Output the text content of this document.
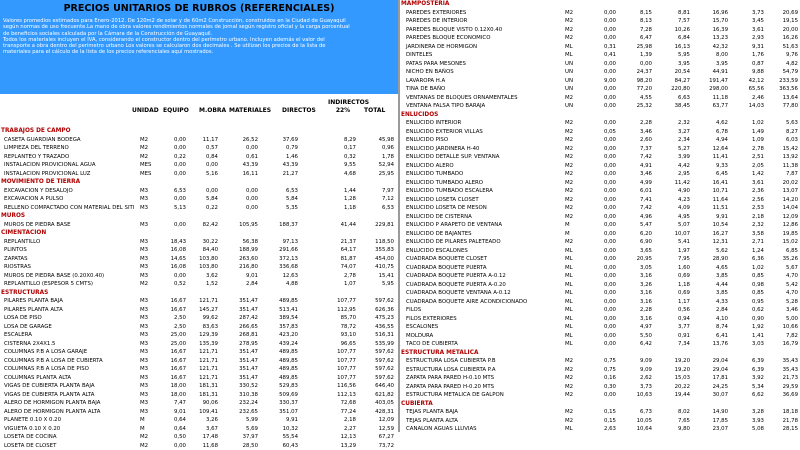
PRECIOS UNITARIOS DE RUBROS (REFERENCIALES)
Valores promedios estimados para Enero-2012. De 120m2 de solar y de 60m2 Construcción, construidos en la Ciudad de Guayaquil
según normas de uso frecuente.La mano de obra valores rendimientos normales de jornal según registro oficial y la carga porcentual
de beneficios sociales calculada por la Cámara de la Construcción de Guayaquil.
Todos los materiales incluyen el IVA, considerando el constructor dentro del perímetro urbano. Incluyen además el valor del
transporte a obra dentro del perímetro urbano Los valores se calcularon dos decimales . Se utilizan los precios de la lista de
materiales para el cálculo de la lista de los precios referenciales aquí mostrados.
UNIDAD EQUIPO M.OBRA MATERIALES DIRECTOS
INDIRECTOS 22%	TOTAL
TRABAJOS DE CAMPO
CASETA GUARDIAN BODEGA	M2	0,00	11,17	26,52	37,69	8,29	45,98
LIMPIEZA DEL TERRENO	M2	0,00	0,57	0,00	0,79	0,17	0,96
REPLANTEO Y TRAZADO	M2	0,22	0,84	0,61	1,46	0,32	1,78
INSTALACION PROVICIONAL AGUA	MES	0,00	0,00	43,39	43,39	9,55	52,94
INSTALACION PROVICIONAL LUZ	MES	0,00	5,16	16,11	21,27	4,68	25,95
MOVIMIENTO DE TIERRA
EXCAVACION Y DESALOJO	M3	6,53	0,00	0,00	6,53	1,44	7,97
EXCAVACION A PULSO	M3	0,00	5,84	0,00	5,84	1,28	7,12
RELLENO COMPACTADO CON MATERIAL DEL SITI M3	5,13	0,22	0,00	5,35	1,18	6,53
MUROS
MUROS DE PIEDRA BASE	M3	0,00	82,42	105,95	188,37	41,44	229,81
CIMENTACION
REPLANTILLO	M3	18,43	30,22	56,38	97,13	21,37	118,50
PLINTOS	M3	16,08	84,40	188,99	291,66	64,17	355,83
ZAPATAS	M3	14,65	103,80	263,60	372,13	81,87	454,00
RIOSTRAS	M3	16,08	103,80	216,80	336,68	74,07	410,75
MUROS DE PIEDRA BASE (0.20X0.40)	M3	0,00	3,62	9,01	12,63	2,78	15,41
REPLANTILLO (ESPESOR 5 CMTS)	M2	0,52	1,52	2,84	4,88	1,07	5,95
ESTRUCTURAS
PILARES PLANTA BAJA	M3	16,67	121,71	351,47	489,85	107,77	597,62
PILARES PLANTA ALTA	M3	16,67	145,27	351,47	513,41	112,95	626,36
LOSA DE PISO	M3	2,50	99,62	287,42	389,54	85,70	475,23
LOSA DE GARAGE	M3	2,50	83,63	266,65	357,83	78,72	436,55
ESCALERA	M3	25,00	129,39	268,81	423,20	93,10	516,31
CISTERNA 2X4X1.5	M3	25,00	135,39	278,95	439,24	96,65	535,99
COLUMNAS P.B A LOSA GARAJE	M3	16,67	121,71	351,47	489,85	107,77	597,62
COLUMNAS P.B A LOSA DE CUBIERTA	M3	16,67	121,71	351,47	489,85	107,77	597,62
COLUMNAS P.B A LOSA DE PISO	M3	16,67	121,71	351,47	489,85	107,77	597,62
COLUMNAS PLANTA ALTA	M3	16,67	121,71	351,47	489,85	107,77	597,62
VIGAS DE CUBIERTA PLANTA BAJA	M3	18,00	181,31	330,52	529,83	116,56	646,40
VIGAS DE CUBIERTA PLANTA ALTA	M3	18,00	181,31	310,38	509,69	112,13	621,82
ALERO DE HORMIGON PLANTA BAJA	M3	7,47	90,06	232,24	330,37	72,68	403,05
ALERO DE HORMIGON PLANTA ALTA	M3	9,01	109,41	232,65	351,07	77,24	428,31
PLANETE 0.10 X 0.20	M	0,64	3,26	5,99	9,91	2,18	12,09
VIGUETA 0.10 X 0.20	M	0,64	3,67	5,69	10,32	2,27	12,59
LOSETA DE COCINA	M2	0,50	17,48	37,97	55,54	12,13	67,27
LOSETA DE CLOSET	M2	0,00	11,68	28,50	60,43	13,29	73,72
MAMPOSTERIA
PAREDES EXTERIORES	M2	0,00	8,15	8,81	16,96	3,73	20,69
PAREDES DE INTERIOR	M2	0,00	8,13	7,57	15,70	3,45	19,15
PAREDES BLOQUE VISTO 0.12X0.40	M2	0,00	7,28	10,26	16,39	3,61	20,00
PAREDES BLOQUE ECONOMICO	M2	0,00	6,47	6,84	13,23	2,93	16,26
JARDINERA DE HORMIGON	ML	0,31	25,98	16,13	42,32	9,31	51,63
DINTELES	ML	0,41	1,39	5,95	8,00	1,76	9,76
PATAS PARA MESONES	UN	0,00	0,00	3,95	3,95	0,87	4,82
NICHO EN BAÑOS	UN	0,00	24,37	20,54	44,91	9,88	54,79
LAVAROPA H.A	UN	9,00	98,20	84,27	191,47	42,12	233,59
TINA DE BAÑO	UN	0,00	77,20	220,80	298,00	65,56	363,56
VENTANAS DE BLOQUES ORNAMENTALES	M2	0,00	4,55	6,63	11,18	2,46	13,64
VENTANA FALSA TIPO BARAJA	UN	0,00	25,32	38,45	63,77	14,03	77,80
ENLUCIDOS
ENLUCIDO INTERIOR	M2	0,00	2,28	2,32	4,62	1,02	5,63
ENLUCIDO EXTERIOR VILLAS	M2	0,05	3,46	3,27	6,78	1,49	8,27
ENLUCIDO PISO	M2	0,00	2,60	2,34	4,94	1,09	6,03
ENLUCIDO JARDINERA H-40	M2	0,00	7,37	5,27	12,64	2,78	15,42
ENLUCIDO DETALLE SUP. VENTANA	M2	0,00	7,42	3,99	11,41	2,51	13,92
ENLUCIDO ALERO	M2	0,00	4,91	4,42	9,33	2,05	11,38
ENLUCIDO TUMBADO	M2	0,00	3,46	2,95	6,45	1,42	7,87
ENLUCIDO TUMBADO ALERO	M2	0,00	4,99	11,42	16,41	3,61	20,02
ENLUCIDO TUMBADO ESCALERA	M2	0,00	6,01	4,90	10,71	2,36	13,07
ENLUCIDO LOSETA CLOSET	M2	0,00	7,41	4,23	11,64	2,56	14,20
ENLUCIDO LOSETA DE MESON	M2	0,00	7,42	4,09	11,51	2,53	14,04
ENLUCIDO DE CISTERNA	M2	0,00	4,96	4,95	9,91	2,18	12,09
ENLUCIDO P ARAPETO DE VENTANA	M	0,00	5,47	5,07	10,54	2,32	12,86
ENLUCIDO DE BAJANTES	M	0,00	6,20	10,07	16,27	3,58	19,85
ENLUCIDO DE PILARES PALETEADO	M2	0,00	6,90	5,41	12,31	2,71	15,02
ENLUCIDO ESCALONES	ML	0,00	3,65	1,97	5,62	1,24	6,85
CUADRADA BOQUETE CLOSET	ML	0,00	20,95	7,95	28,90	6,36	35,26
CUADRADA BOQUETE PUERTA	ML	0,00	3,05	1,60	4,65	1,02	5,67
CUADRADA BOQUETE PUERTA A-0.12	ML	0,00	3,16	0,69	3,85	0,85	4,70
CUADRADA BOQUETE PUERTA A-0.20	ML	0,00	3,26	1,18	4,44	0,98	5,42
CUADRADA BOQUETE VENTANA A-0.12	ML	0,00	3,16	0,69	3,85	0,85	4,70
CUADRADA BOQUETE AIRE ACONDICIONADO	ML	0,00	3,16	1,17	4,33	0,95	5,28
FILOS	ML	0,00	2,28	0,56	2,84	0,62	3,46
FILOS EXTERIORES	ML	0,00	3,16	0,94	4,10	0,90	5,00
ESCALONES	ML	0,00	4,97	3,77	8,74	1,92	10,66
MOLDURA	ML	0,00	5,50	0,91	6,41	1,41	7,82
TACO DE CUBIERTA	ML	0,00	6,42	7,34	13,76	3,03	16,79
ESTRUCTURA METALICA
ESTRUCTURA LOSA CUBIERTA P.B	M2	0,75	9,09	19,20	29,04	6,39	35,43
ESTRUCTURA LOSA CUBIERTA P.A	M2	0,75	9,09	19,20	29,04	6,39	35,43
ZAPATA PARA PARED H-0.10 MTS	M2	0,16	2,62	15,03	17,81	3,92	21,73
ZAPATA PARA PARED H-0.20 MTS	M2	0,30	3,73	20,22	24,25	5,34	29,59
ESTRUCTURA METALICA DE GALPON	M2	0,00	10,63	19,44	30,07	6,62	36,69
CUBIERTA
TEJAS PLANTA BAJA	M2	0,15	6,73	8,02	14,90	3,28	18,18
TEJAS PLANTA ALTA	M2	0,15	10,05	7,65	17,85	3,93	21,78
CANALON AGUAS LLUVIAS	ML	2,63	10,64	9,80	23,07	5,08	28,15
